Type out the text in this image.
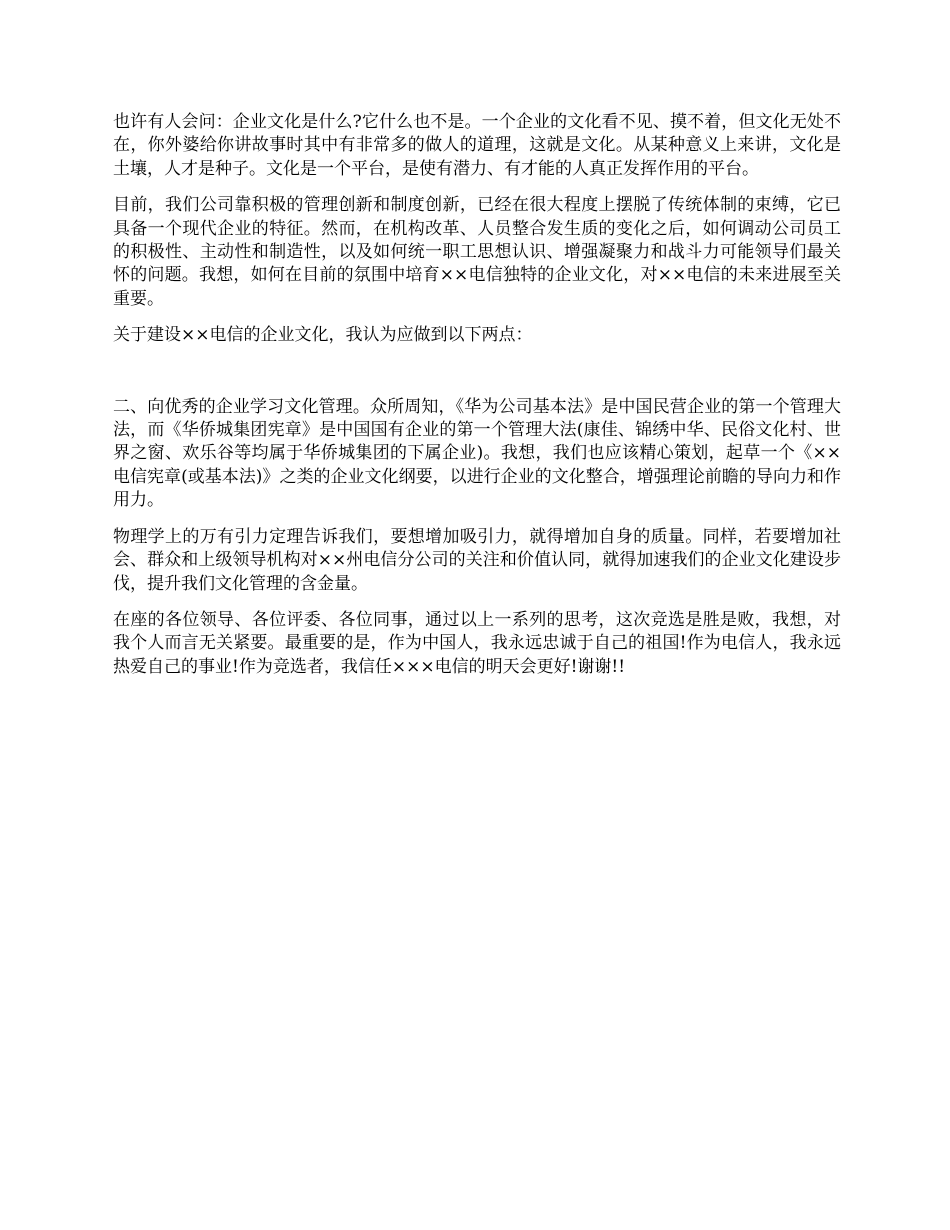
也许有人会问：企业文化是什么?它什么也不是。一个企业的文化看不见、摸不着，但文化无处不在，你外婆给你讲故事时其中有非常多的做人的道理，这就是文化。从某种意义上来讲，文化是土壤，人才是种子。文化是一个平台，是使有潜力、有才能的人真正发挥作用的平台。

目前，我们公司靠积极的管理创新和制度创新，已经在很大程度上摆脱了传统体制的束缚，它已具备一个现代企业的特征。然而，在机构改革、人员整合发生质的变化之后，如何调动公司员工的积极性、主动性和制造性，以及如何统一职工思想认识、增强凝聚力和战斗力可能领导们最关怀的问题。我想，如何在目前的氛围中培育××电信独特的企业文化，对××电信的未来进展至关重要。

关于建设××电信的企业文化，我认为应做到以下两点：

二、向优秀的企业学习文化管理。众所周知，《华为公司基本法》是中国民营企业的第一个管理大法，而《华侨城集团宪章》是中国国有企业的第一个管理大法(康佳、锦绣中华、民俗文化村、世界之窗、欢乐谷等均属于华侨城集团的下属企业)。我想，我们也应该精心策划，起草一个《××电信宪章(或基本法)》之类的企业文化纲要，以进行企业的文化整合，增强理论前瞻的导向力和作用力。

物理学上的万有引力定理告诉我们，要想增加吸引力，就得增加自身的质量。同样，若要增加社会、群众和上级领导机构对××州电信分公司的关注和价值认同，就得加速我们的企业文化建设步伐，提升我们文化管理的含金量。

在座的各位领导、各位评委、各位同事，通过以上一系列的思考，这次竞选是胜是败，我想，对我个人而言无关紧要。最重要的是，作为中国人，我永远忠诚于自己的祖国!作为电信人，我永远热爱自己的事业!作为竞选者，我信任×××电信的明天会更好!谢谢!!
